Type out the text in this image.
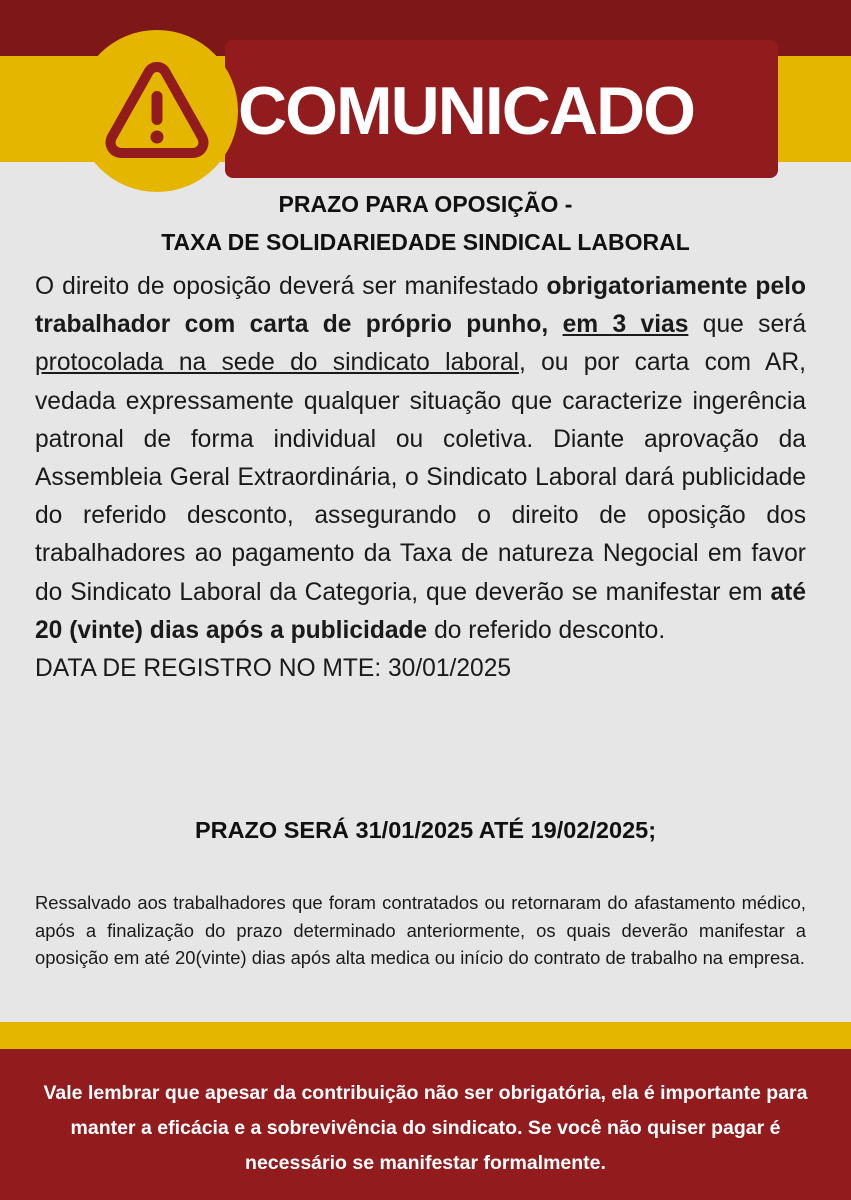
COMUNICADO
PRAZO PARA OPOSIÇÃO -
TAXA DE SOLIDARIEDADE SINDICAL LABORAL
O direito de oposição deverá ser manifestado obrigatoriamente pelo trabalhador com carta de próprio punho, em 3 vias que será protocolada na sede do sindicato laboral, ou por carta com AR, vedada expressamente qualquer situação que caracterize ingerência patronal de forma individual ou coletiva. Diante aprovação da Assembleia Geral Extraordinária, o Sindicato Laboral dará publicidade do referido desconto, assegurando o direito de oposição dos trabalhadores ao pagamento da Taxa de natureza Negocial em favor do Sindicato Laboral da Categoria, que deverão se manifestar em até 20 (vinte) dias após a publicidade do referido desconto.
DATA DE REGISTRO NO MTE: 30/01/2025
PRAZO SERÁ 31/01/2025 ATÉ 19/02/2025;
Ressalvado aos trabalhadores que foram contratados ou retornaram do afastamento médico, após a finalização do prazo determinado anteriormente, os quais deverão manifestar a oposição em até 20(vinte) dias após alta medica ou início do contrato de trabalho na empresa.
Vale lembrar que apesar da contribuição não ser obrigatória, ela é importante para manter a eficácia e a sobrevivência do sindicato. Se você não quiser pagar é necessário se manifestar formalmente.
